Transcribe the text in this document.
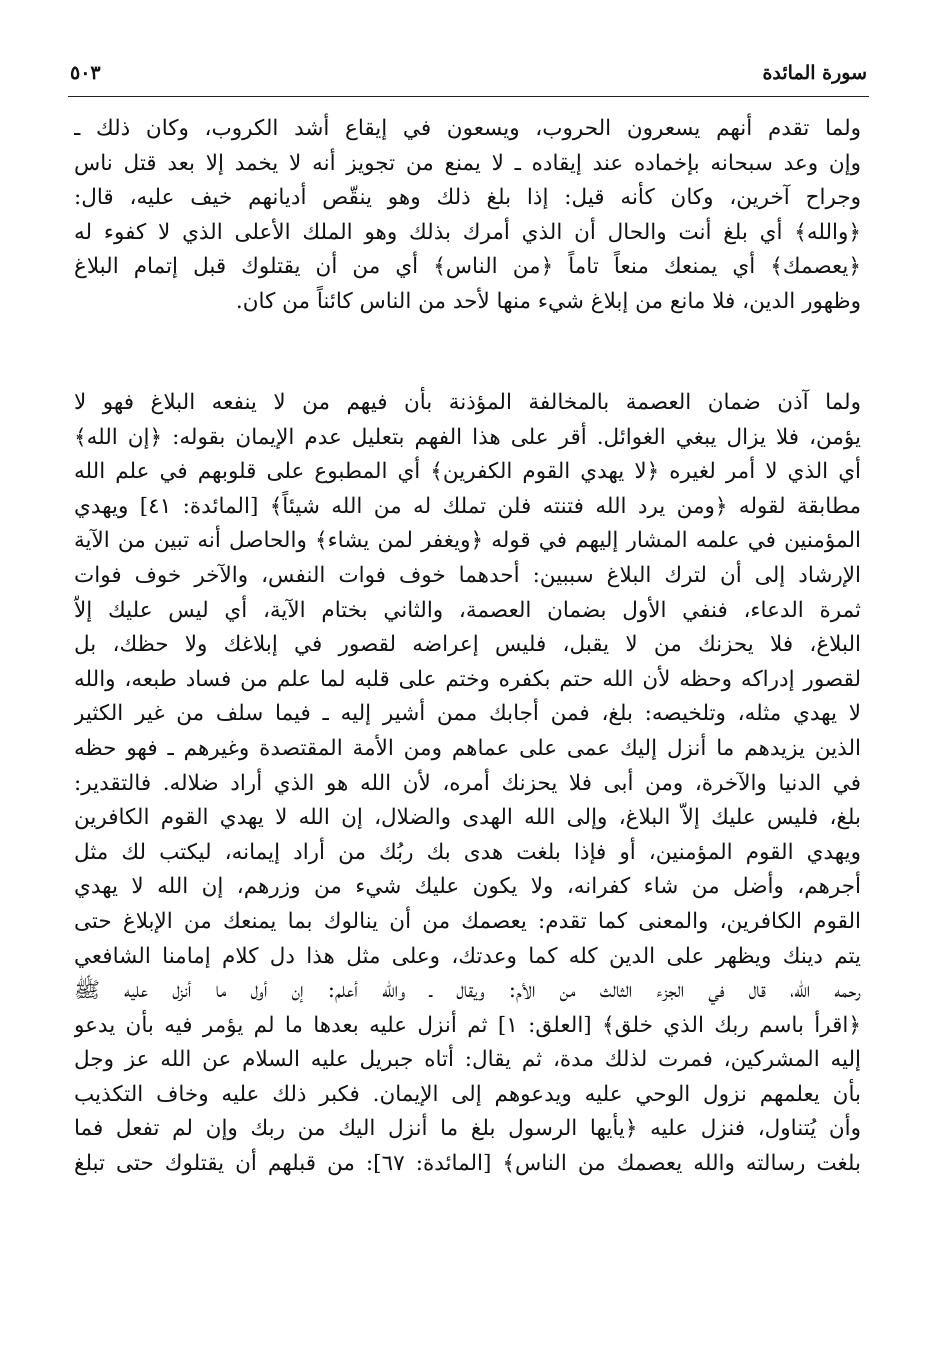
سورة المائدة
٥٠٣
ولما تقدم أنهم يسعرون الحروب، ويسعون في إيقاع أشد الكروب، وكان ذلك ـ
وإن وعد سبحانه بإخماده عند إيقاده ـ لا يمنع من تجويز أنه لا يخمد إلا بعد قتل ناس
وجراح آخرين، وكان كأنه قيل: إذا بلغ ذلك وهو ينقّص أديانهم خيف عليه، قال:
﴿والله﴾ أي بلغ أنت والحال أن الذي أمرك بذلك وهو الملك الأعلى الذي لا كفوء له
﴿يعصمك﴾ أي يمنعك منعاً تاماً ﴿من الناس﴾ أي من أن يقتلوك قبل إتمام البلاغ
وظهور الدين، فلا مانع من إبلاغ شيء منها لأحد من الناس كائناً من كان.
ولما آذن ضمان العصمة بالمخالفة المؤذنة بأن فيهم من لا ينفعه البلاغ فهو لا
يؤمن، فلا يزال يبغي الغوائل. أقر على هذا الفهم بتعليل عدم الإيمان بقوله: ﴿إن الله﴾
أي الذي لا أمر لغيره ﴿لا يهدي القوم الكفرين﴾ أي المطبوع على قلوبهم في علم الله
مطابقة لقوله ﴿ومن يرد الله فتنته فلن تملك له من الله شيئاً﴾ [المائدة: ٤١] ويهدي
المؤمنين في علمه المشار إليهم في قوله ﴿ويغفر لمن يشاء﴾ والحاصل أنه تبين من الآية
الإرشاد إلى أن لترك البلاغ سببين: أحدهما خوف فوات النفس، والآخر خوف فوات
ثمرة الدعاء، فنفي الأول بضمان العصمة، والثاني بختام الآية، أي ليس عليك إلاّ
البلاغ، فلا يحزنك من لا يقبل، فليس إعراضه لقصور في إبلاغك ولا حظك، بل
لقصور إدراكه وحظه لأن الله حتم بكفره وختم على قلبه لما علم من فساد طبعه، والله
لا يهدي مثله، وتلخيصه: بلغ، فمن أجابك ممن أشير إليه ـ فيما سلف من غير الكثير
الذين يزيدهم ما أنزل إليك عمى على عماهم ومن الأمة المقتصدة وغيرهم ـ فهو حظه
في الدنيا والآخرة، ومن أبى فلا يحزنك أمره، لأن الله هو الذي أراد ضلاله. فالتقدير:
بلغ، فليس عليك إلاّ البلاغ، وإلى الله الهدى والضلال، إن الله لا يهدي القوم الكافرين
ويهدي القوم المؤمنين، أو فإذا بلغت هدى بك ربُك من أراد إيمانه، ليكتب لك مثل
أجرهم، وأضل من شاء كفرانه، ولا يكون عليك شيء من وزرهم، إن الله لا يهدي
القوم الكافرين، والمعنى كما تقدم: يعصمك من أن ينالوك بما يمنعك من الإبلاغ حتى
يتم دينك ويظهر على الدين كله كما وعدتك، وعلى مثل هذا دل كلام إمامنا الشافعي
رحمه الله، قال في الجزء الثالث من الأم: ويقال ـ والله أعلم: إن أول ما أنزل عليه ﷺ
﴿اقرأ باسم ربك الذي خلق﴾ [العلق: ١] ثم أنزل عليه بعدها ما لم يؤمر فيه بأن يدعو
إليه المشركين، فمرت لذلك مدة، ثم يقال: أتاه جبريل عليه السلام عن الله عز وجل
بأن يعلمهم نزول الوحي عليه ويدعوهم إلى الإيمان. فكبر ذلك عليه وخاف التكذيب
وأن يُتناول، فنزل عليه ﴿يأيها الرسول بلغ ما أنزل اليك من ربك وإن لم تفعل فما
بلغت رسالته والله يعصمك من الناس﴾ [المائدة: ٦٧]: من قبلهم أن يقتلوك حتى تبلغ
